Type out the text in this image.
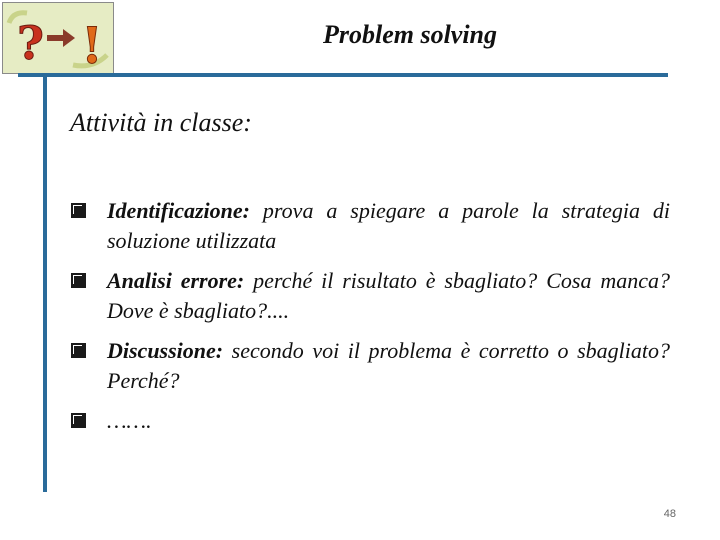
? !	Problem solving
Attività in classe:
Identificazione: prova a spiegare a parole la strategia di soluzione utilizzata
Analisi errore: perché il risultato è sbagliato? Cosa manca? Dove è sbagliato?....
Discussione: secondo voi il problema è corretto o sbagliato? Perché?
…….
48
